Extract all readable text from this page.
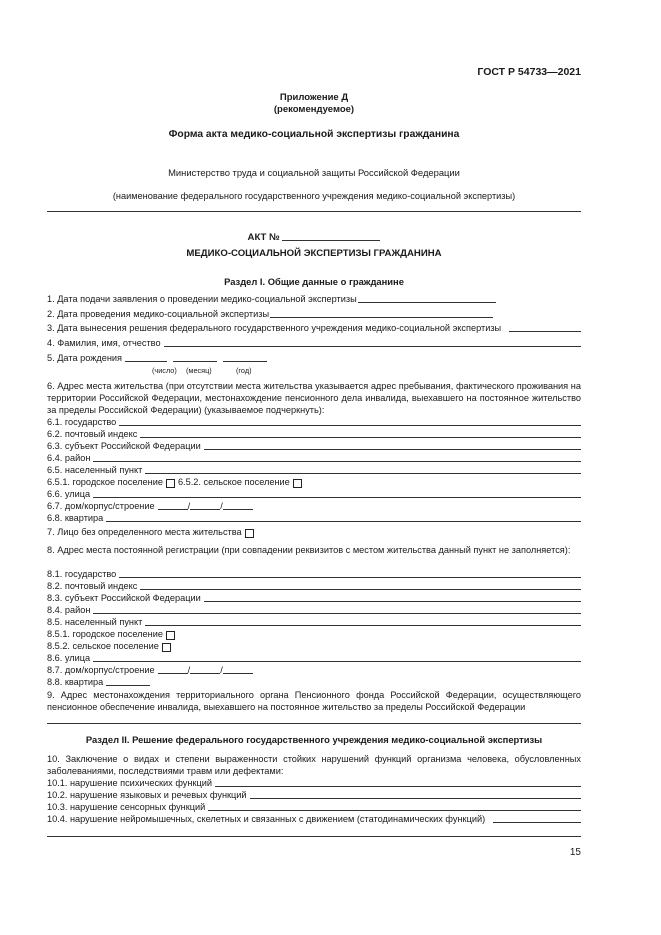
ГОСТ Р 54733—2021
Приложение Д
(рекомендуемое)
Форма акта медико-социальной экспертизы гражданина
Министерство труда и социальной защиты Российской Федерации
(наименование федерального государственного учреждения медико-социальной экспертизы)
АКТ №
МЕДИКО-СОЦИАЛЬНОЙ ЭКСПЕРТИЗЫ ГРАЖДАНИНА
Раздел I. Общие данные о гражданине
1. Дата подачи заявления о проведении медико-социальной экспертизы
2. Дата проведения медико-социальной экспертизы
3. Дата вынесения решения федерального государственного учреждения медико-социальной экспертизы
4. Фамилия, имя, отчество
5. Дата рождения
(число) (месяц)	(год)
6. Адрес места жительства (при отсутствии места жительства указывается адрес пребывания, фактического проживания на территории Российской Федерации, местонахождение пенсионного дела инвалида, выехавшего на постоянное жительство за пределы Российской Федерации) (указываемое подчеркнуть):
6.1. государство
6.2. почтовый индекс
6.3. субъект Российской Федерации
6.4. район
6.5. населенный пункт
6.5.1. городское поселение 6.5.2. сельское поселение
6.6. улица
6.7. дом/корпус/строение	/	/
6.8. квартира
7. Лицо без определенного места жительства
8. Адрес места постоянной регистрации (при совпадении реквизитов с местом жительства данный пункт не заполняется):
8.1. государство
8.2. почтовый индекс
8.3. субъект Российской Федерации
8.4. район
8.5. населенный пункт
8.5.1. городское поселение
8.5.2. сельское поселение
8.6. улица
8.7. дом/корпус/строение	/	/
8.8. квартира
9. Адрес местонахождения территориального органа Пенсионного фонда Российской Федерации, осуществляющего пенсионное обеспечение инвалида, выехавшего на постоянное жительство за пределы Российской Федерации
Раздел II. Решение федерального государственного учреждения медико-социальной экспертизы
10. Заключение о видах и степени выраженности стойких нарушений функций организма человека, обусловленных заболеваниями, последствиями травм или дефектами:
10.1. нарушение психических функций
10.2. нарушение языковых и речевых функций
10.3. нарушение сенсорных функций
10.4. нарушение нейромышечных, скелетных и связанных с движением (статодинамических функций)
15
